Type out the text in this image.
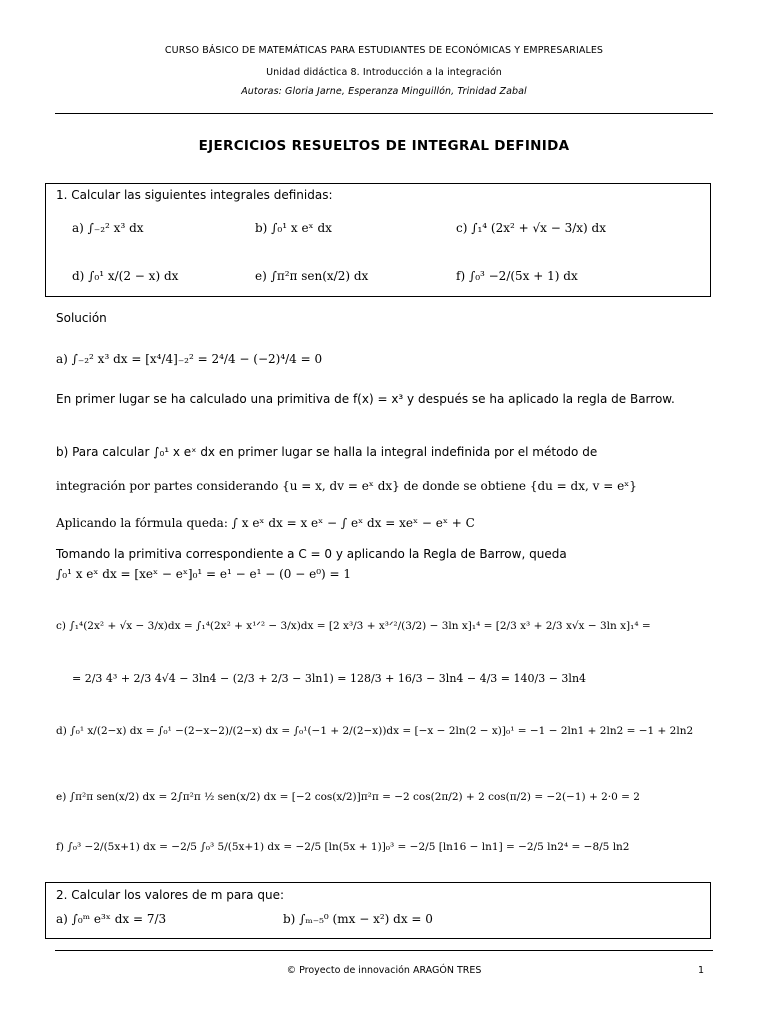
CURSO BÁSICO DE MATEMÁTICAS PARA ESTUDIANTES DE ECONÓMICAS Y EMPRESARIALES
Unidad didáctica 8. Introducción a la integración
Autoras: Gloria Jarne, Esperanza Minguillón, Trinidad Zabal
EJERCICIOS RESUELTOS DE INTEGRAL DEFINIDA
1. Calcular las siguientes integrales definidas:
a) ∫₋₂² x³ dx	b) ∫₀¹ x eˣ dx	c) ∫₁⁴ (2x² + √x − 3/x) dx
d) ∫₀¹ x/(2 − x) dx	e) ∫π²π sen(x/2) dx	f) ∫₀³ −2/(5x + 1) dx
Solución
a) ∫₋₂² x³ dx = [x⁴/4]₋₂² = 2⁴/4 − (−2)⁴/4 = 0
En primer lugar se ha calculado una primitiva de f(x) = x³ y después se ha aplicado la regla de Barrow.
b) Para calcular ∫₀¹ x eˣ dx en primer lugar se halla la integral indefinida por el método de
integración por partes considerando {u = x, dv = eˣ dx} de donde se obtiene {du = dx, v = eˣ}
Aplicando la fórmula queda: ∫ x eˣ dx = x eˣ − ∫ eˣ dx = xeˣ − eˣ + C
Tomando la primitiva correspondiente a C = 0 y aplicando la Regla de Barrow, queda
∫₀¹ x eˣ dx = [xeˣ − eˣ]₀¹ = e¹ − e¹ − (0 − e⁰) = 1
c) ∫₁⁴(2x² + √x − 3/x)dx = ∫₁⁴(2x² + x¹ᐟ² − 3/x)dx = [2 x³/3 + x³ᐟ²/(3/2) − 3ln x]₁⁴ = [2/3 x³ + 2/3 x√x − 3ln x]₁⁴ =
= 2/3 4³ + 2/3 4√4 − 3ln4 − (2/3 + 2/3 − 3ln1) = 128/3 + 16/3 − 3ln4 − 4/3 = 140/3 − 3ln4
d) ∫₀¹ x/(2−x) dx = ∫₀¹ −(2−x−2)/(2−x) dx = ∫₀¹(−1 + 2/(2−x))dx = [−x − 2ln(2 − x)]₀¹ = −1 − 2ln1 + 2ln2 = −1 + 2ln2
e) ∫π²π sen(x/2) dx = 2∫π²π ½ sen(x/2) dx = [−2 cos(x/2)]π²π = −2 cos(2π/2) + 2 cos(π/2) = −2(−1) + 2·0 = 2
f) ∫₀³ −2/(5x+1) dx = −2/5 ∫₀³ 5/(5x+1) dx = −2/5 [ln(5x + 1)]₀³ = −2/5 [ln16 − ln1] = −2/5 ln2⁴ = −8/5 ln2
2. Calcular los valores de m para que:
a) ∫₀ᵐ e³ˣ dx = 7/3	b) ∫ₘ₋₅⁰ (mx − x²) dx = 0
© Proyecto de innovación ARAGÓN TRES	1
